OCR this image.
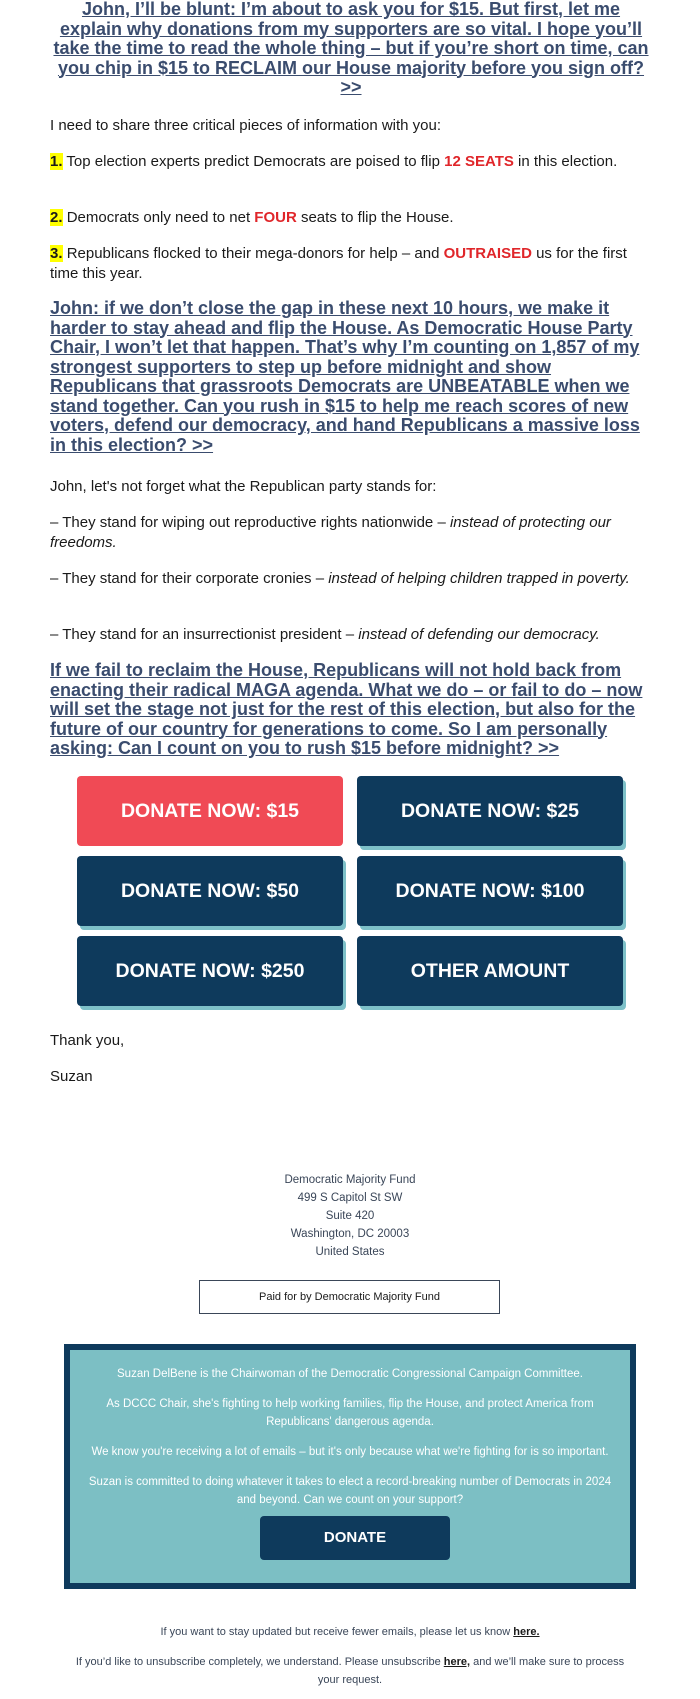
John, I’ll be blunt: I’m about to ask you for $15. But first, let me explain why donations from my supporters are so vital. I hope you’ll take the time to read the whole thing – but if you’re short on time, can you chip in $15 to RECLAIM our House majority before you sign off? >>

I need to share three critical pieces of information with you:

1. Top election experts predict Democrats are poised to flip 12 SEATS in this election.
2. Democrats only need to net FOUR seats to flip the House.
3. Republicans flocked to their mega-donors for help – and OUTRAISED us for the first time this year.
John: if we don’t close the gap in these next 10 hours, we make it harder to stay ahead and flip the House. As Democratic House Party Chair, I won’t let that happen. That’s why I’m counting on 1,857 of my strongest supporters to step up before midnight and show Republicans that grassroots Democrats are UNBEATABLE when we stand together. Can you rush in $15 to help me reach scores of new voters, defend our democracy, and hand Republicans a massive loss in this election? >>

John, let's not forget what the Republican party stands for:

– They stand for wiping out reproductive rights nationwide – instead of protecting our freedoms.

– They stand for their corporate cronies – instead of helping children trapped in poverty.

– They stand for an insurrectionist president – instead of defending our democracy.

If we fail to reclaim the House, Republicans will not hold back from enacting their radical MAGA agenda. What we do – or fail to do – now will set the stage not just for the rest of this election, but also for the future of our country for generations to come. So I am personally asking: Can I count on you to rush $15 before midnight? >>
DONATE NOW: $15	DONATE NOW: $25
DONATE NOW: $50	DONATE NOW: $100
DONATE NOW: $250	OTHER AMOUNT

Thank you,

Suzan

Democratic Majority Fund
499 S Capitol St SW
Suite 420
Washington, DC 20003
United States
Paid for by Democratic Majority Fund

Suzan DelBene is the Chairwoman of the Democratic Congressional Campaign Committee.

As DCCC Chair, she's fighting to help working families, flip the House, and protect America from Republicans' dangerous agenda.

We know you're receiving a lot of emails – but it's only because what we're fighting for is so important.

Suzan is committed to doing whatever it takes to elect a record-breaking number of Democrats in 2024 and beyond. Can we count on your support?

DONATE

If you want to stay updated but receive fewer emails, please let us know here.

If you’d like to unsubscribe completely, we understand. Please unsubscribe here, and we’ll make sure to process your request.
